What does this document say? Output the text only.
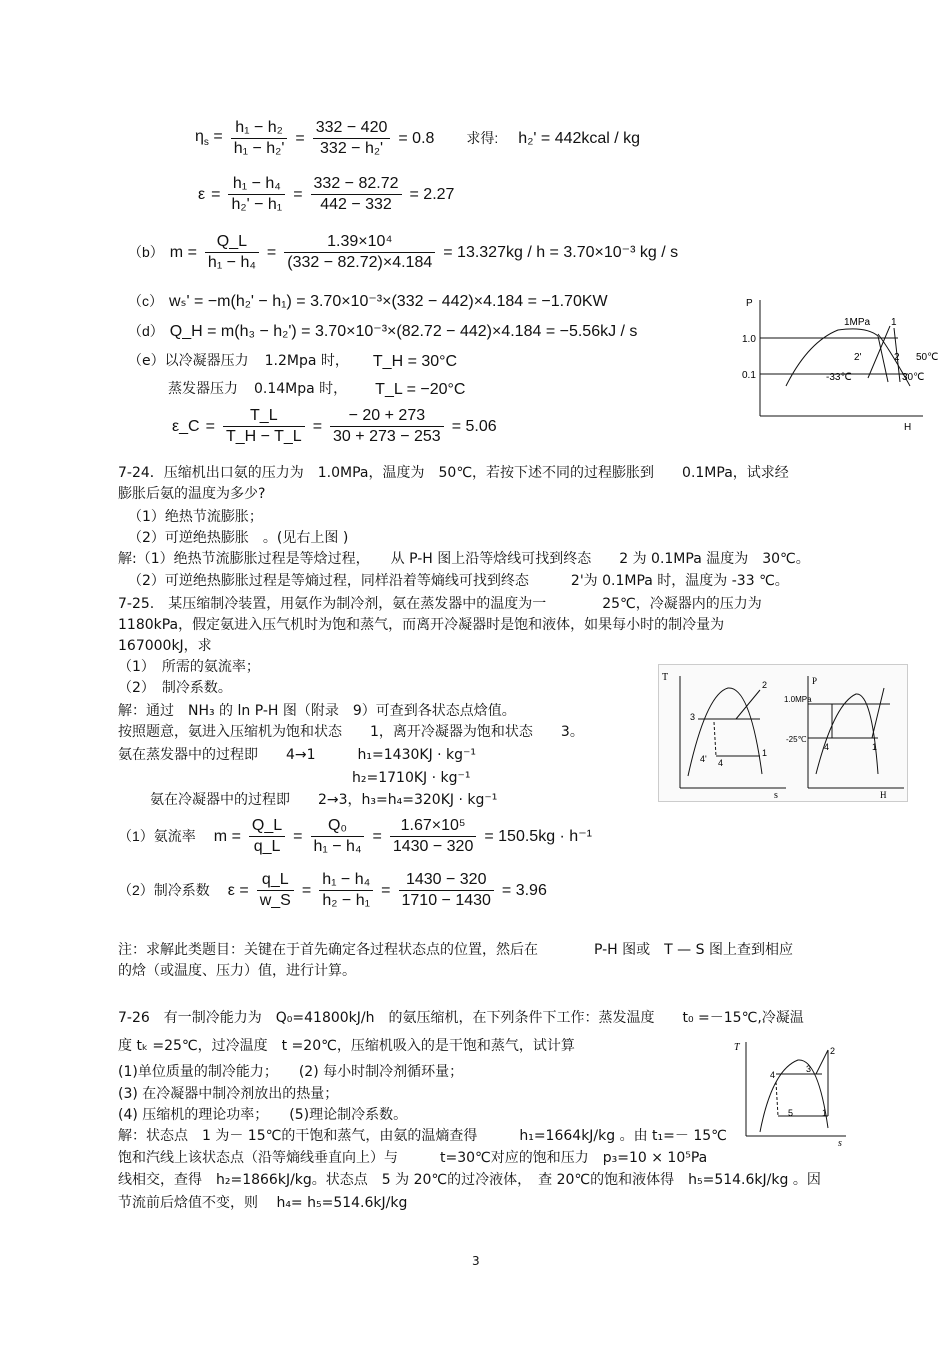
$\eta_s = \frac{\text{h₁ − h₂}}{\text{h₁ − h₂'}} = \frac{332 - 420}{\text{332 − h₂'}} = 0.8$ 求得: h₂' = 442kcal / kg
$\varepsilon = \frac{\text{h₁ − h₄}}{\text{h₂' − h₁}} = \frac{332 - 82.72}{442 - 332} = 2.27$
（b） $m = \frac{Q\_L}{\text{h₁ − h₄}} = \frac{\text{1.39×10⁴}}{(332 - 82.72)\times 4.184} = 13.327kg / h = 3.70\times 10^{-3}$ kg / s
（c） wₛ' = −m(h₂' − h₁) = 3.70×10⁻³×(332 − 442)×4.184 = −1.70KW
（d） Q_H = m(h₃ − h₂') = 3.70×10⁻³×(82.72 − 442)×4.184 = −5.56kJ / s
（e）以冷凝器压力 1.2Mpa 时， T_H = 30°C
蒸发器压力 0.14Mpa 时， T_L = −20°C
ε_C = $\frac{T\_L}{T\_H - T\_L} = \frac{- 20 + 273}{30 + 273 - 253} = 5.06$
P
1.0
0.1
1MPa 1
2'	2 50℃
-33℃	30℃
H
7-24．压缩机出口氨的压力为　1.0MPa，温度为　50℃，若按下述不同的过程膨胀到　　0.1MPa，试求经
膨胀后氨的温度为多少?
（1）绝热节流膨胀；
（2）可逆绝热膨胀　。(见右上图 )
解:（1）绝热节流膨胀过程是等焓过程，　　从 P-H 图上沿等焓线可找到终态　　2 为 0.1MPa 温度为　30℃。
（2）可逆绝热膨胀过程是等熵过程，同样沿着等熵线可找到终态　　　2'为 0.1MPa 时，温度为 -33 ℃。
7-25.　某压缩制冷装置，用氨作为制冷剂，氨在蒸发器中的温度为一　　　　25℃，冷凝器内的压力为
1180kPa，假定氨进入压气机时为饱和蒸气，而离开冷凝器时是饱和液体，如果每小时的制冷量为
167000kJ，求
（1）　所需的氨流率；
（2）　制冷系数。
解：通过　NH₃ 的 ln P-H 图（附录　9）可查到各状态点焓值。
按照题意，氨进入压缩机为饱和状态　　1，离开冷凝器为饱和状态　　3。
氨在蒸发器中的过程即　　4→1　　　h₁=1430KJ · kg⁻¹
h₂=1710KJ · kg⁻¹
氨在冷凝器中的过程即　　2→3，h₃=h₄=320KJ · kg⁻¹
T
3
2
1
4
4'
s
P
1.0MPa
-25℃
4	1
H
（1）氨流率 $m = \frac{Q\_L}{q\_L} = \frac{\text{Q₀}}{\text{h₁ − h₄}} = \frac{\text{1.67×10⁵}}{1430 - 320} = 150.5kg \cdot h^{-1}$
（2）制冷系数 $\varepsilon = \frac{q\_L}{w\_S} = \frac{\text{h₁ − h₄}}{\text{h₂ − h₁}} = \frac{1430 - 320}{1710 - 1430} = 3.96$
注：求解此类题目：关键在于首先确定各过程状态点的位置，然后在　　　　P-H 图或　T — S 图上查到相应
的焓（或温度、压力）值，进行计算。
7-26　有一制冷能力为　Q₀=41800kJ/h　的氨压缩机，在下列条件下工作：蒸发温度　　t₀ =－15℃,冷凝温
度 tₖ =25℃，过冷温度　t =20℃，压缩机吸入的是干饱和蒸气，试计算
(1)单位质量的制冷能力；　　(2) 每小时制冷剂循环量；
(3) 在冷凝器中制冷剂放出的热量；
(4) 压缩机的理论功率；　　(5)理论制冷系数。
解：状态点　1 为－ 15℃的干饱和蒸气，由氨的温熵查得　　　h₁=1664kJ/kg 。由 t₁=－ 15℃
饱和汽线上该状态点（沿等熵线垂直向上）与　　　t=30℃对应的饱和压力　p₃=10 × 10⁵Pa
线相交，查得　h₂=1866kJ/kg。状态点　5 为 20℃的过冷液体，　查 20℃的饱和液体得　h₅=514.6kJ/kg 。因
节流前后焓值不变，则　 h₄= h₅=514.6kJ/kg
T
4
3
2
5	1
s
3
